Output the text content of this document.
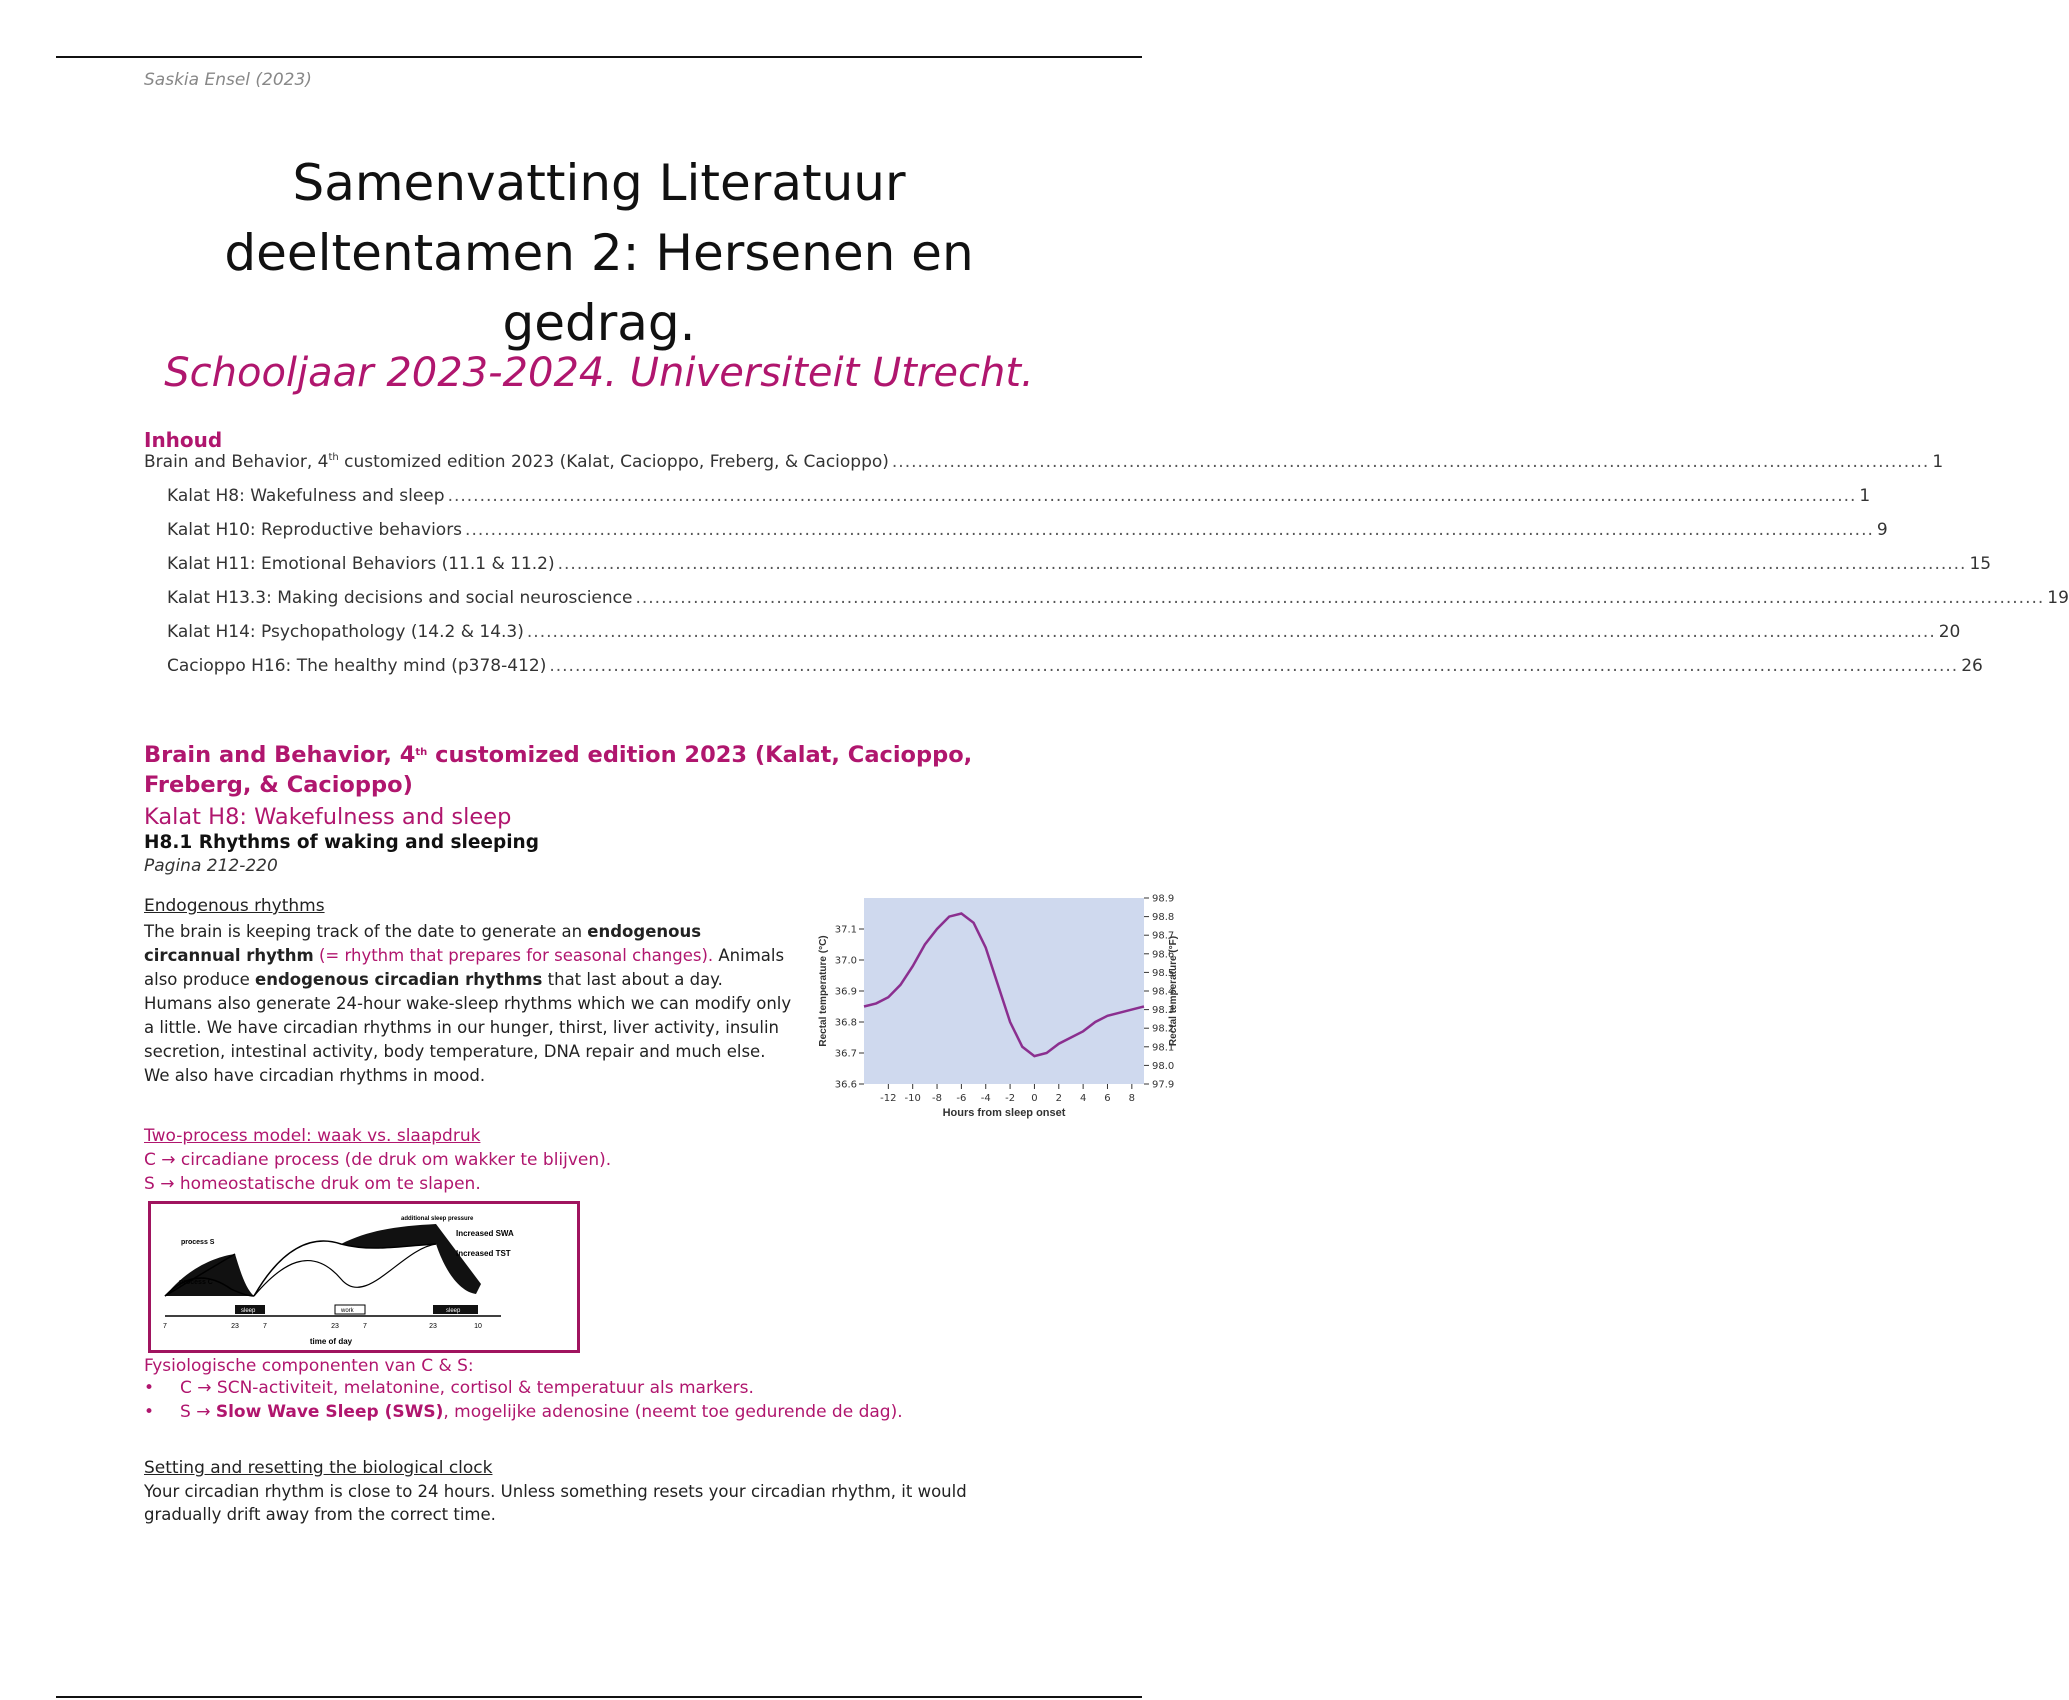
Saskia Ensel (2023)
Samenvatting Literatuur deeltentamen 2: Hersenen en gedrag.
Schooljaar 2023-2024. Universiteit Utrecht.
Inhoud
Brain and Behavior, 4th customized edition 2023 (Kalat, Cacioppo, Freberg, & Cacioppo) .................................................................................................................................................................. 1
Kalat H8: Wakefulness and sleep ............................................................................................................................................................................................................................ 1
Kalat H10: Reproductive behaviors ............................................................................................................................................................................................................................ 9
Kalat H11: Emotional Behaviors (11.1 & 11.2) ............................................................................................................................................................................................................................ 15
Kalat H13.3: Making decisions and social neuroscience ............................................................................................................................................................................................................................ 19
Kalat H14: Psychopathology (14.2 & 14.3) ............................................................................................................................................................................................................................ 20
Cacioppo H16: The healthy mind (p378-412) ............................................................................................................................................................................................................................ 26
Brain and Behavior, 4th customized edition 2023 (Kalat, Cacioppo, Freberg, & Cacioppo)
Kalat H8: Wakefulness and sleep
H8.1 Rhythms of waking and sleeping
Pagina 212-220
Endogenous rhythms
The brain is keeping track of the date to generate an endogenous circannual rhythm (= rhythm that prepares for seasonal changes). Animals also produce endogenous circadian rhythms that last about a day. Humans also generate 24-hour wake-sleep rhythms which we can modify only a little. We have circadian rhythms in our hunger, thirst, liver activity, insulin secretion, intestinal activity, body temperature, DNA repair and much else. We also have circadian rhythms in mood.	36.6
36.7
36.8
36.9
37.0
37.1
97.9
98.0
98.1
98.2
98.3
98.4
98.5
98.6
98.7
98.8
98.9
-12 -10 -8 -6 -4 -2 0 2 4 6 8
Rectal temperature (°C)	Rectal temperature (°F)
Hours from sleep onset
Two-process model: waak vs. slaapdruk
C → circadiane process (de druk om wakker te blijven).
S → homeostatische druk om te slapen.
process S
process C
additional sleep pressure
Increased SWA
Increased TST
sleep	work	sleep
7	23	7	23	7	23	10
time of day
Fysiologische componenten van C & S:
• C → SCN-activiteit, melatonine, cortisol & temperatuur als markers.
• S → Slow Wave Sleep (SWS), mogelijke adenosine (neemt toe gedurende de dag).
Setting and resetting the biological clock
Your circadian rhythm is close to 24 hours. Unless something resets your circadian rhythm, it would gradually drift away from the correct time.
